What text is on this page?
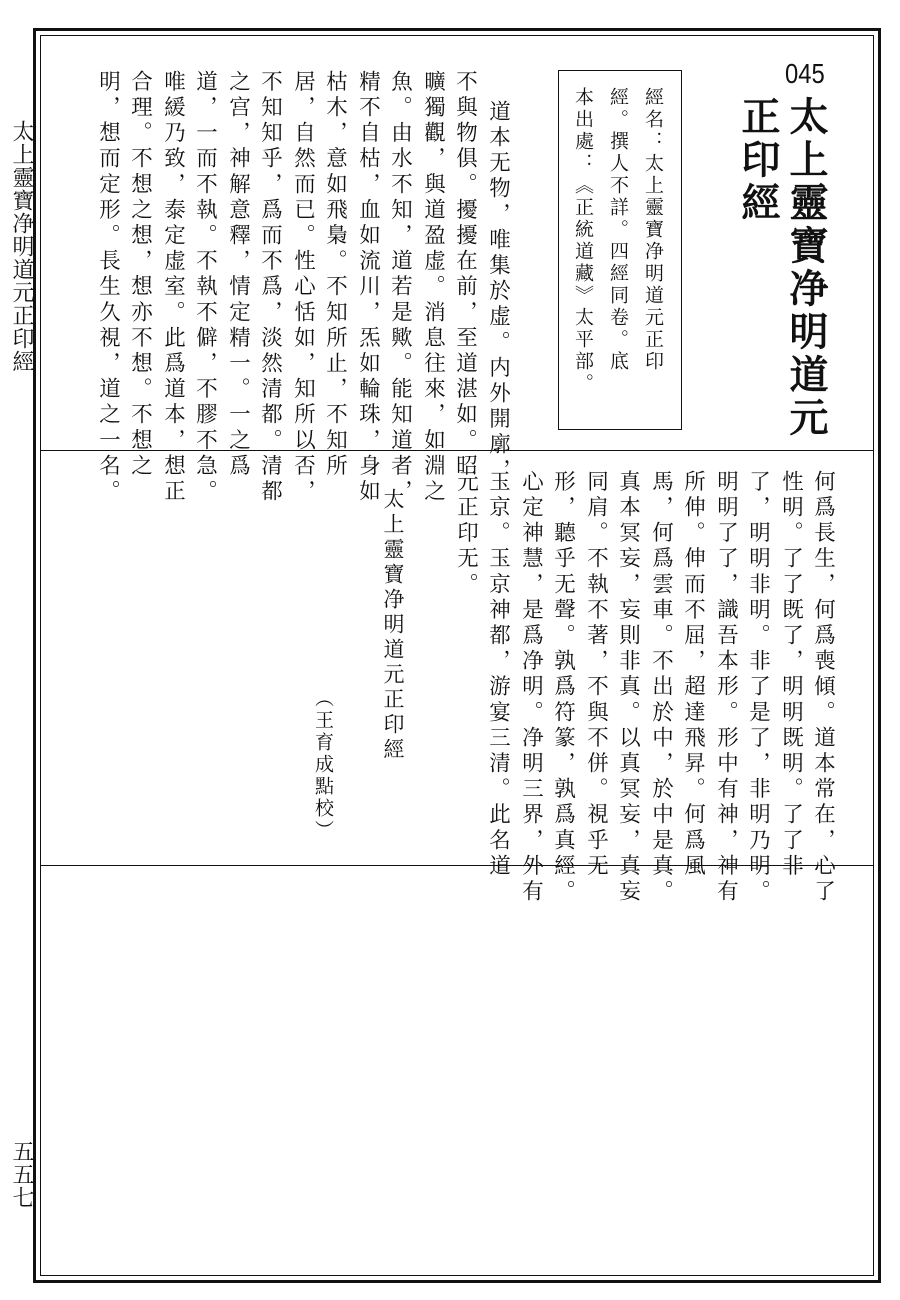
太上靈寶净明道元正印經
五五七
045
太上靈寶净明道元
正印經
經名：太上靈寶净明道元正印
經。撰人不詳。四經同卷。底
本出處：《正統道藏》太平部。
道本无物，唯集於虚。内外開廓，
不與物俱。擾擾在前，至道湛如。昭
曠獨觀，與道盈虚。消息往來，如淵之
魚。由水不知，道若是歟。能知道者，
精不自枯，血如流川，炁如輪珠，身如
枯木，意如飛梟。不知所止，不知所
居，自然而已。性心恬如，知所以否，
不知知乎，爲而不爲，淡然清都。清都
之宫，神解意釋，情定精一。一之爲
道，一而不執。不執不僻，不膠不急。
唯緩乃致，泰定虚室。此爲道本，想正
合理。不想之想，想亦不想。不想之
明，想而定形。長生久視，道之一名。
何爲長生，何爲喪傾。道本常在，心了
性明。了了既了，明明既明。了了非
了，明明非明。非了是了，非明乃明。
明明了了，識吾本形。形中有神，神有
所伸。伸而不屈，超達飛昇。何爲風
馬，何爲雲車。不出於中，於中是真。
真本冥妄，妄則非真。以真冥妄，真妄
同肩。不執不著，不與不併。視乎无
形，聽乎无聲。孰爲符篆，孰爲真經。
心定神慧，是爲净明。净明三界，外有
玉京。玉京神都，游宴三清。此名道
元正印无。
太上靈寶净明道元正印經
（王育成點校）
